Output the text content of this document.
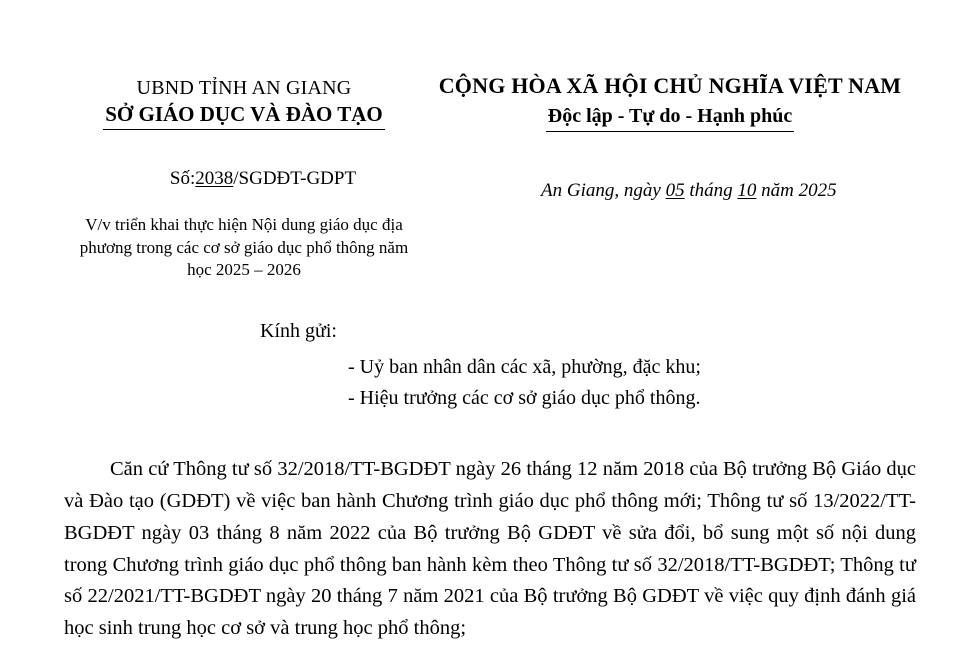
UBND TỈNH AN GIANG
SỞ GIÁO DỤC VÀ ĐÀO TẠO

Số:2038/SGDĐT-GDPT

V/v triển khai thực hiện Nội dung giáo dục địa phương trong các cơ sở giáo dục phổ thông năm học 2025 – 2026
CỘNG HÒA XÃ HỘI CHỦ NGHĨA VIỆT NAM
Độc lập - Tự do - Hạnh phúc

An Giang, ngày 05 tháng 10 năm 2025

Kính gửi:
- Uỷ ban nhân dân các xã, phường, đặc khu;
- Hiệu trưởng các cơ sở giáo dục phổ thông.
Căn cứ Thông tư số 32/2018/TT-BGDĐT ngày 26 tháng 12 năm 2018 của Bộ trưởng Bộ Giáo dục và Đào tạo (GDĐT) về việc ban hành Chương trình giáo dục phổ thông mới; Thông tư số 13/2022/TT-BGDĐT ngày 03 tháng 8 năm 2022 của Bộ trưởng Bộ GDĐT về sửa đổi, bổ sung một số nội dung trong Chương trình giáo dục phổ thông ban hành kèm theo Thông tư số 32/2018/TT-BGDĐT; Thông tư số 22/2021/TT-BGDĐT ngày 20 tháng 7 năm 2021 của Bộ trưởng Bộ GDĐT về việc quy định đánh giá học sinh trung học cơ sở và trung học phổ thông;
